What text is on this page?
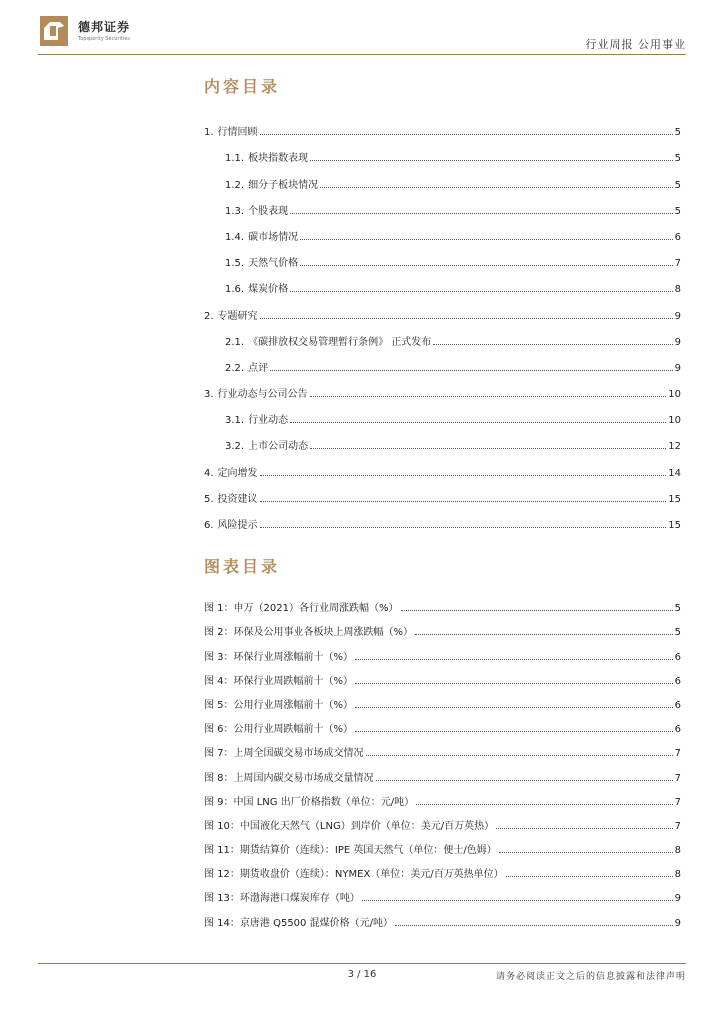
德邦证券
Topsperity Securities	行业周报 公用事业
内容目录
1. 行情回顾	5
1.1. 板块指数表现	5
1.2. 细分子板块情况	5
1.3. 个股表现	5
1.4. 碳市场情况	6
1.5. 天然气价格	7
1.6. 煤炭价格	8
2. 专题研究	9
2.1. 《碳排放权交易管理暂行条例》 正式发布	9
2.2. 点评	9
3. 行业动态与公司公告	10
3.1. 行业动态	10
3.2. 上市公司动态	12
4. 定向增发	14
5. 投资建议	15
6. 风险提示	15
图表目录
图 1：申万（2021）各行业周涨跌幅（%）	5
图 2：环保及公用事业各板块上周涨跌幅（%）	5
图 3：环保行业周涨幅前十（%）	6
图 4：环保行业周跌幅前十（%）	6
图 5：公用行业周涨幅前十（%）	6
图 6：公用行业周跌幅前十（%）	6
图 7：上周全国碳交易市场成交情况	7
图 8：上周国内碳交易市场成交量情况	7
图 9：中国 LNG 出厂价格指数（单位：元/吨）	7
图 10：中国液化天然气（LNG）到岸价（单位：美元/百万英热）	7
图 11：期货结算价（连续）：IPE 英国天然气（单位：便士/色姆）	8
图 12：期货收盘价（连续）：NYMEX（单位：美元/百万英热单位）	8
图 13：环渤海港口煤炭库存（吨）	9
图 14：京唐港 Q5500 混煤价格（元/吨）	9
3 / 16	请务必阅读正文之后的信息披露和法律声明
